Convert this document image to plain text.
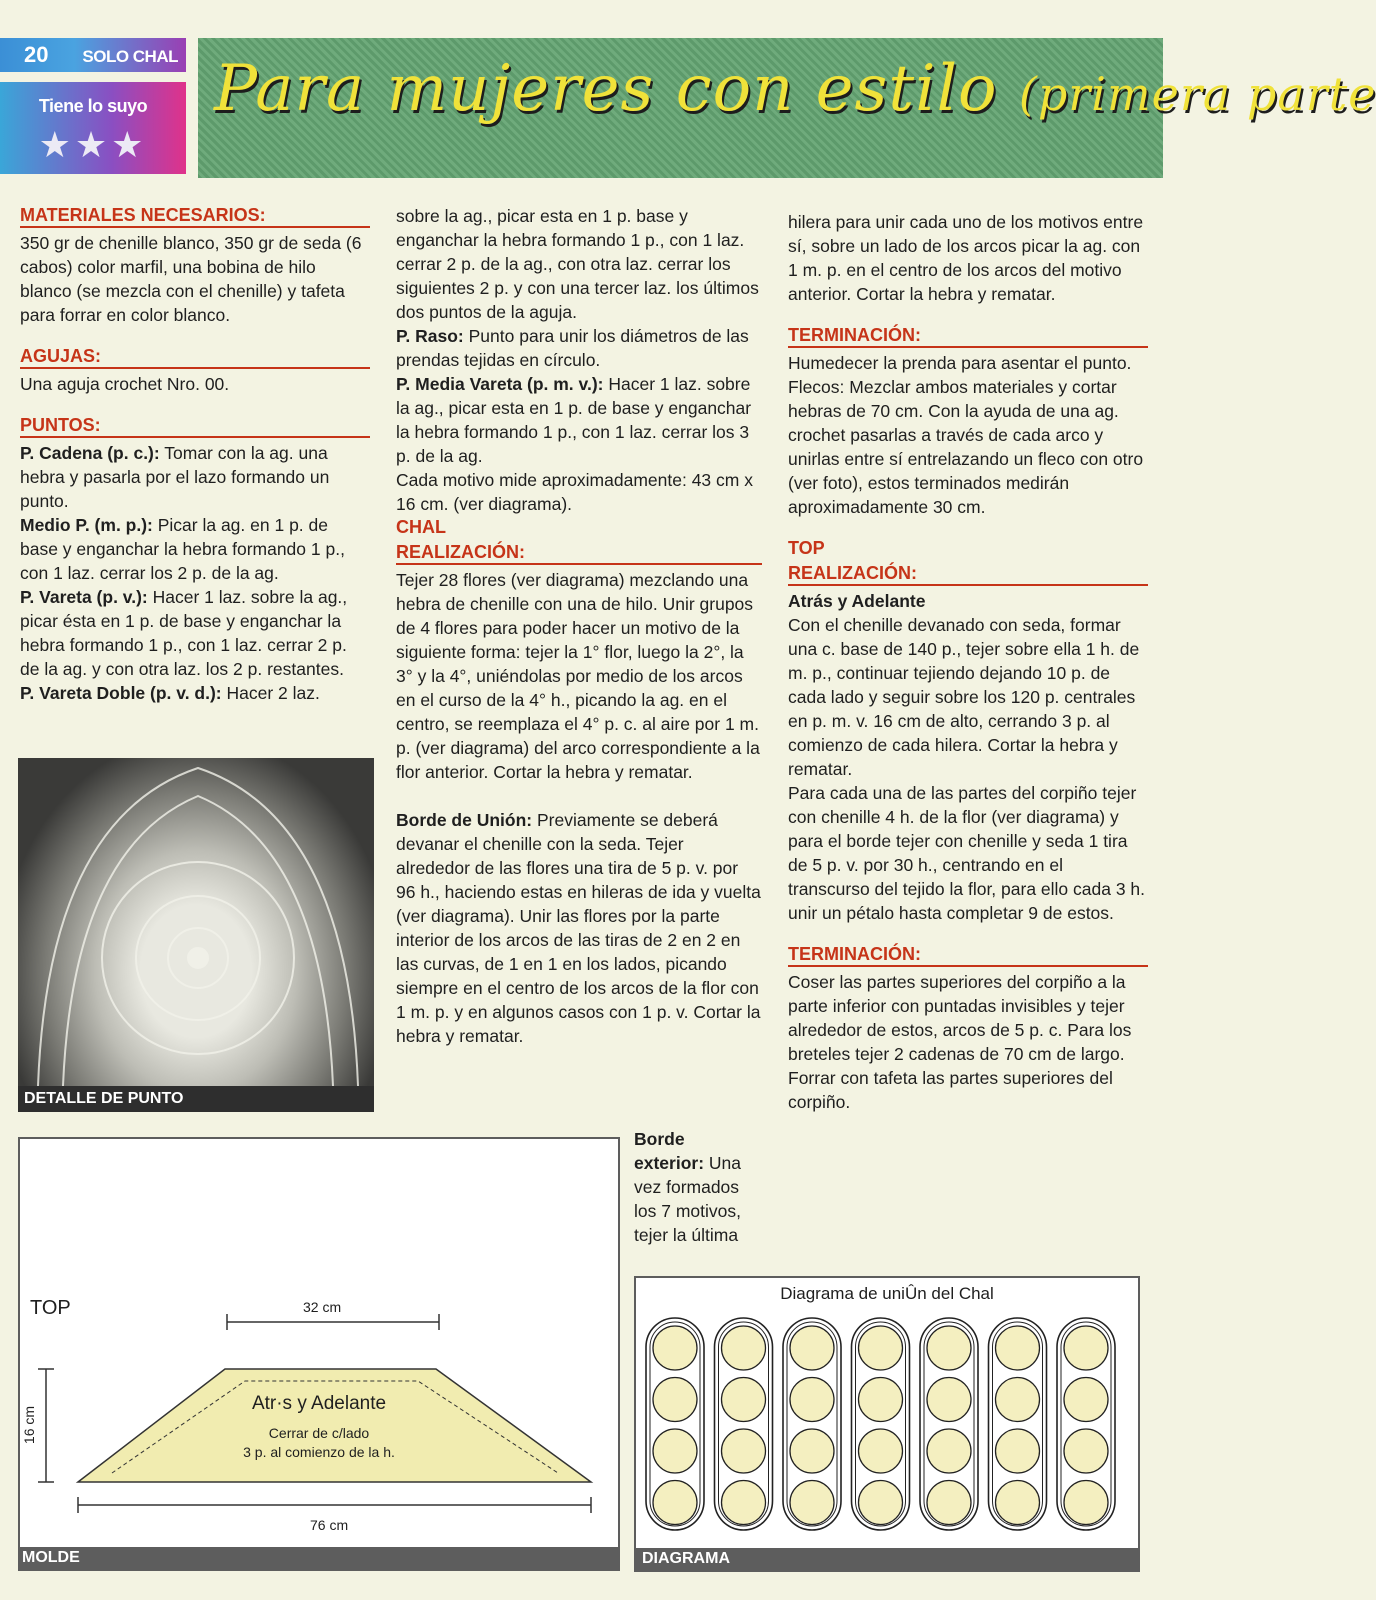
20 SOLO CHAL
Tiene lo suyo
★★★
Para mujeres con estilo (primera parte
MATERIALES NECESARIOS:

350 gr de chenille blanco, 350 gr de seda (6 cabos) color marfil, una bobina de hilo blanco (se mezcla con el chenille) y tafeta para forrar en color blanco.

AGUJAS:

Una aguja crochet Nro. 00.

PUNTOS:

P. Cadena (p. c.): Tomar con la ag. una hebra y pasarla por el lazo formando un punto.

Medio P. (m. p.): Picar la ag. en 1 p. de base y enganchar la hebra formando 1 p., con 1 laz. cerrar los 2 p. de la ag.

P. Vareta (p. v.): Hacer 1 laz. sobre la ag., picar ésta en 1 p. de base y enganchar la hebra formando 1 p., con 1 laz. cerrar 2 p. de la ag. y con otra laz. los 2 p. restantes.

P. Vareta Doble (p. v. d.): Hacer 2 laz.

DETALLE DE PUNTO

sobre la ag., picar esta en 1 p. base y enganchar la hebra formando 1 p., con 1 laz. cerrar 2 p. de la ag., con otra laz. cerrar los siguientes 2 p. y con una tercer laz. los últimos dos puntos de la aguja.

P. Raso: Punto para unir los diámetros de las prendas tejidas en círculo.

P. Media Vareta (p. m. v.): Hacer 1 laz. sobre la ag., picar esta en 1 p. de base y enganchar la hebra formando 1 p., con 1 laz. cerrar los 3 p. de la ag.

Cada motivo mide aproximadamente: 43 cm x 16 cm. (ver diagrama).

CHAL
REALIZACIÓN:

Tejer 28 flores (ver diagrama) mezclando una hebra de chenille con una de hilo. Unir grupos de 4 flores para poder hacer un motivo de la siguiente forma: tejer la 1° flor, luego la 2°, la 3° y la 4°, uniéndolas por medio de los arcos en el curso de la 4° h., picando la ag. en el centro, se reemplaza el 4° p. c. al aire por 1 m. p. (ver diagrama) del arco correspondiente a la flor anterior. Cortar la hebra y rematar.

Borde de Unión: Previamente se deberá devanar el chenille con la seda. Tejer alrededor de las flores una tira de 5 p. v. por 96 h., haciendo estas en hileras de ida y vuelta (ver diagrama). Unir las flores por la parte interior de los arcos de las tiras de 2 en 2 en las curvas, de 1 en 1 en los lados, picando siempre en el centro de los arcos de la flor con 1 m. p. y en algunos casos con 1 p. v. Cortar la hebra y rematar.

Borde exterior: Una vez formados los 7 motivos, tejer la última

hilera para unir cada uno de los motivos entre sí, sobre un lado de los arcos picar la ag. con 1 m. p. en el centro de los arcos del motivo anterior. Cortar la hebra y rematar.

TERMINACIÓN:

Humedecer la prenda para asentar el punto.

Flecos: Mezclar ambos materiales y cortar hebras de 70 cm. Con la ayuda de una ag. crochet pasarlas a través de cada arco y unirlas entre sí entrelazando un fleco con otro (ver foto), estos terminados medirán aproximadamente 30 cm.

TOP
REALIZACIÓN:

Atrás y Adelante

Con el chenille devanado con seda, formar una c. base de 140 p., tejer sobre ella 1 h. de m. p., continuar tejiendo dejando 10 p. de cada lado y seguir sobre los 120 p. centrales en p. m. v. 16 cm de alto, cerrando 3 p. al comienzo de cada hilera. Cortar la hebra y rematar.

Para cada una de las partes del corpiño tejer con chenille 4 h. de la flor (ver diagrama) y para el borde tejer con chenille y seda 1 tira de 5 p. v. por 30 h., centrando en el transcurso del tejido la flor, para ello cada 3 h. unir un pétalo hasta completar 9 de estos.

TERMINACIÓN:

Coser las partes superiores del corpiño a la parte inferior con puntadas invisibles y tejer alrededor de estos, arcos de 5 p. c. Para los breteles tejer 2 cadenas de 70 cm de largo. Forrar con tafeta las partes superiores del corpiño.

TOP	32 cm
16 cm
76 cm
Atr·s y Adelante
Cerrar de c/lado
3 p. al comienzo de la h.
MOLDE
Diagrama de uniÛn del Chal
DIAGRAMA
